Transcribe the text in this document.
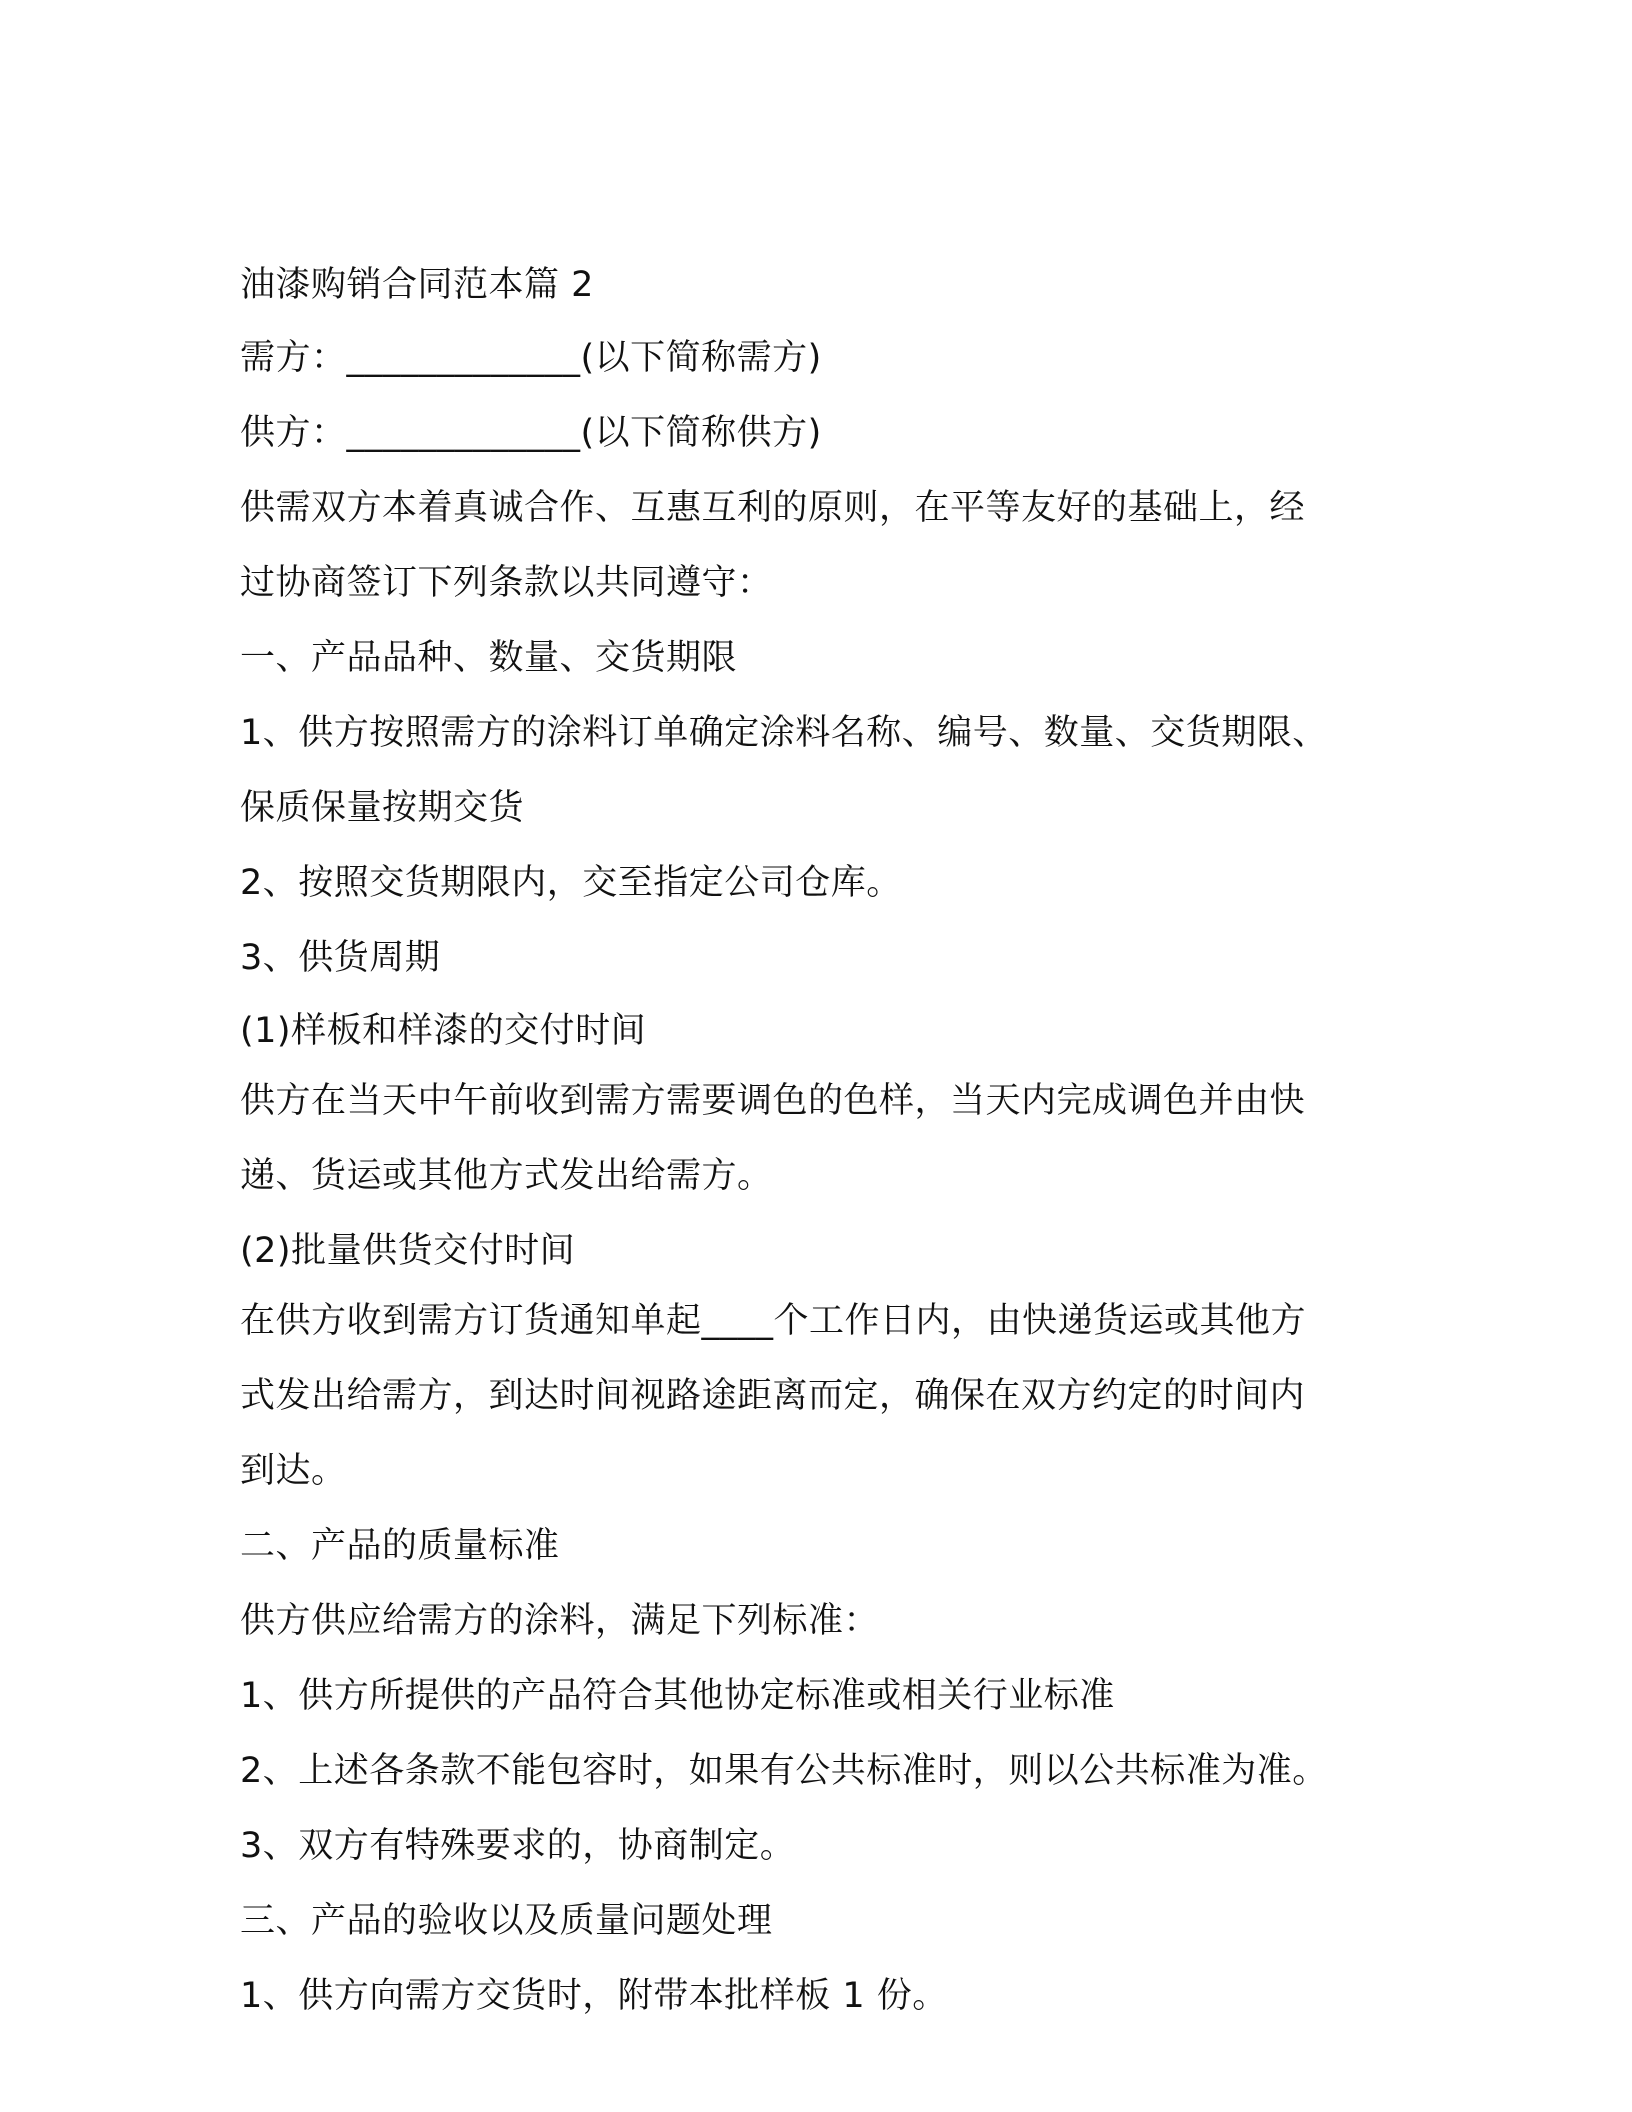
油漆购销合同范本篇 2
需方：_____________(以下简称需方)
供方：_____________(以下简称供方)
供需双方本着真诚合作、互惠互利的原则，在平等友好的基础上，经
过协商签订下列条款以共同遵守：
一、产品品种、数量、交货期限
1、供方按照需方的涂料订单确定涂料名称、编号、数量、交货期限、
保质保量按期交货
2、按照交货期限内，交至指定公司仓库。
3、供货周期
(1)样板和样漆的交付时间
供方在当天中午前收到需方需要调色的色样，当天内完成调色并由快
递、货运或其他方式发出给需方。
(2)批量供货交付时间
在供方收到需方订货通知单起____个工作日内，由快递货运或其他方
式发出给需方，到达时间视路途距离而定，确保在双方约定的时间内
到达。
二、产品的质量标准
供方供应给需方的涂料，满足下列标准：
1、供方所提供的产品符合其他协定标准或相关行业标准
2、上述各条款不能包容时，如果有公共标准时，则以公共标准为准。
3、双方有特殊要求的，协商制定。
三、产品的验收以及质量问题处理
1、供方向需方交货时，附带本批样板 1 份。
